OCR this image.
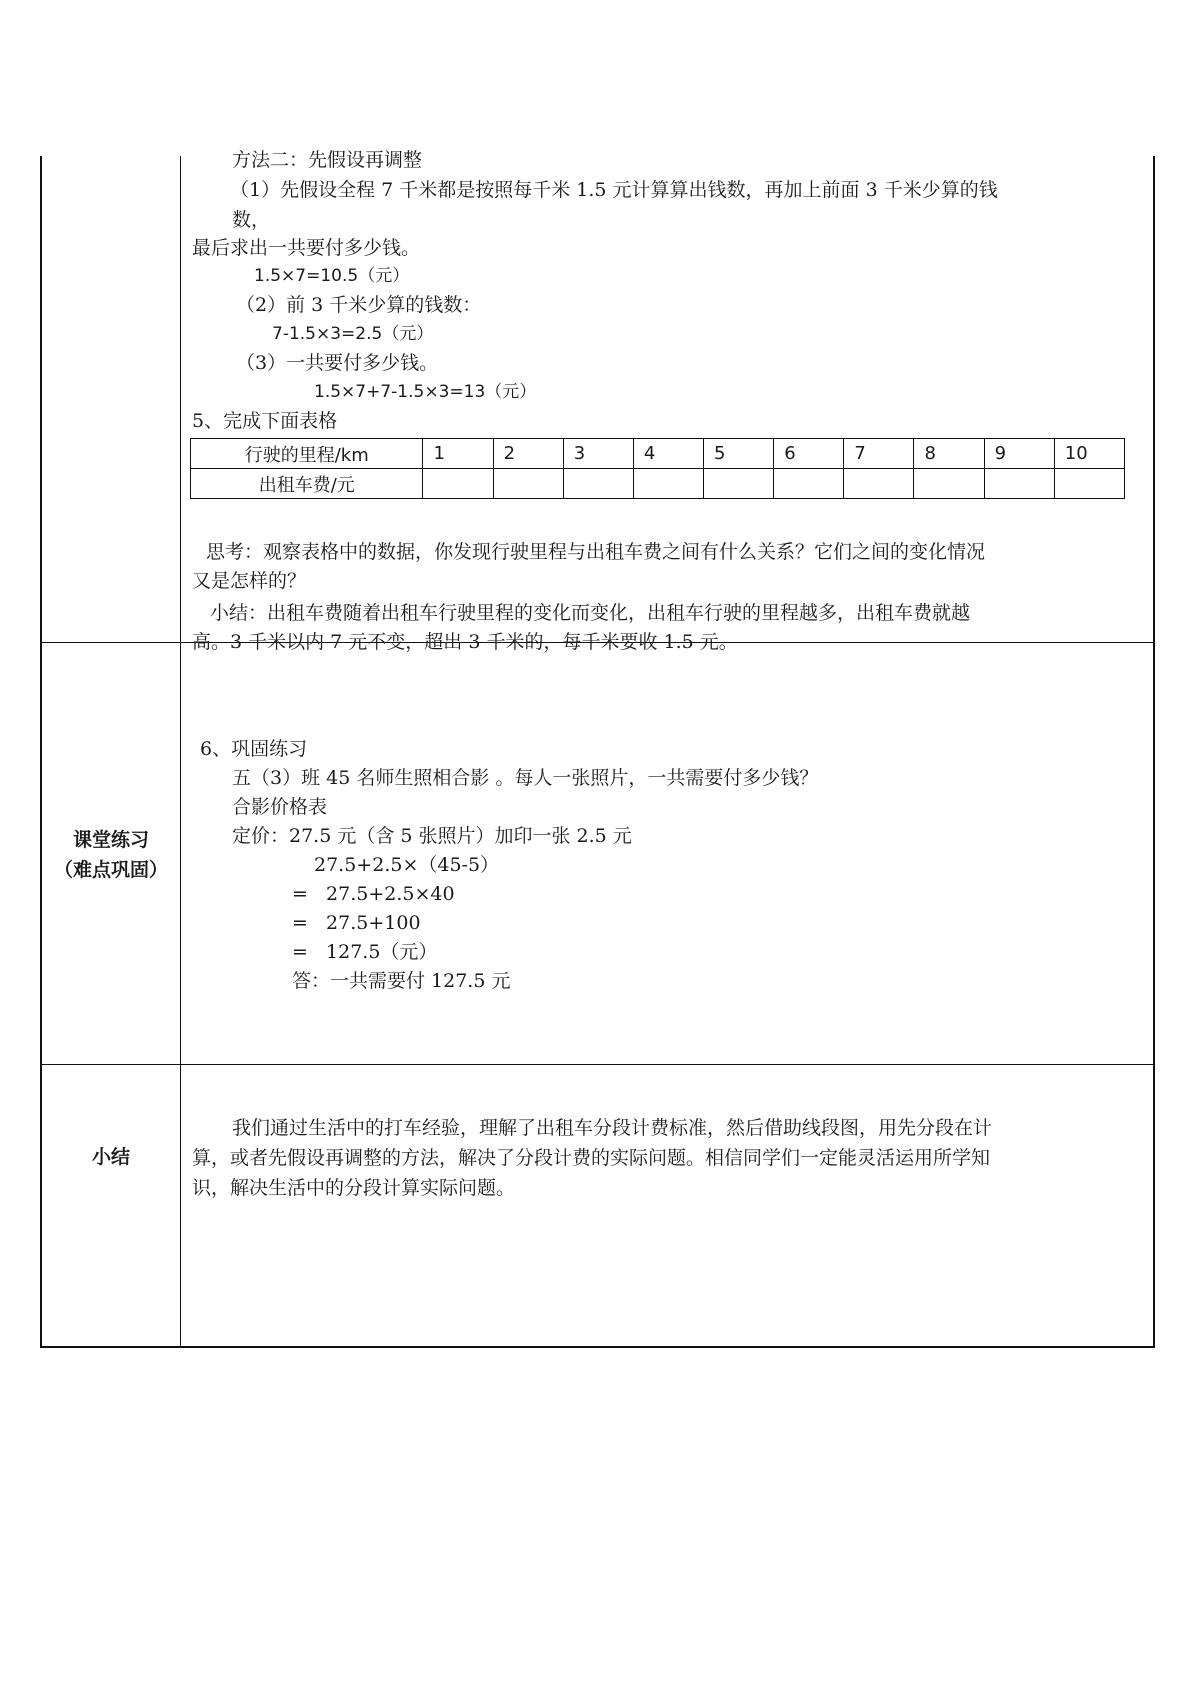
方法二：先假设再调整
（1）先假设全程 7 千米都是按照每千米 1.5 元计算算出钱数，再加上前面 3 千米少算的钱
数，
最后求出一共要付多少钱。
1.5×7=10.5（元）
（2）前 3 千米少算的钱数：
7-1.5×3=2.5（元）
（3）一共要付多少钱。
1.5×7+7-1.5×3=13（元）
5、完成下面表格
行驶的里程/km	1	2	3	4	5	6	7	8	9	10
出租车费/元										
思考：观察表格中的数据，你发现行驶里程与出租车费之间有什么关系？它们之间的变化情况
又是怎样的？
小结：出租车费随着出租车行驶里程的变化而变化，出租车行驶的里程越多，出租车费就越
高。3 千米以内 7 元不变，超出 3 千米的，每千米要收 1.5 元。
课堂练习
（难点巩固）
6、巩固练习
五（3）班 45 名师生照相合影 。每人一张照片，一共需要付多少钱？
合影价格表
定价：27.5 元（含 5 张照片）加印一张 2.5 元
27.5+2.5×（45-5）
=   27.5+2.5×40
=   27.5+100
=   127.5（元）
答：一共需要付 127.5 元
小结
我们通过生活中的打车经验，理解了出租车分段计费标准，然后借助线段图，用先分段在计
算，或者先假设再调整的方法，解决了分段计费的实际问题。相信同学们一定能灵活运用所学知
识，解决生活中的分段计算实际问题。
